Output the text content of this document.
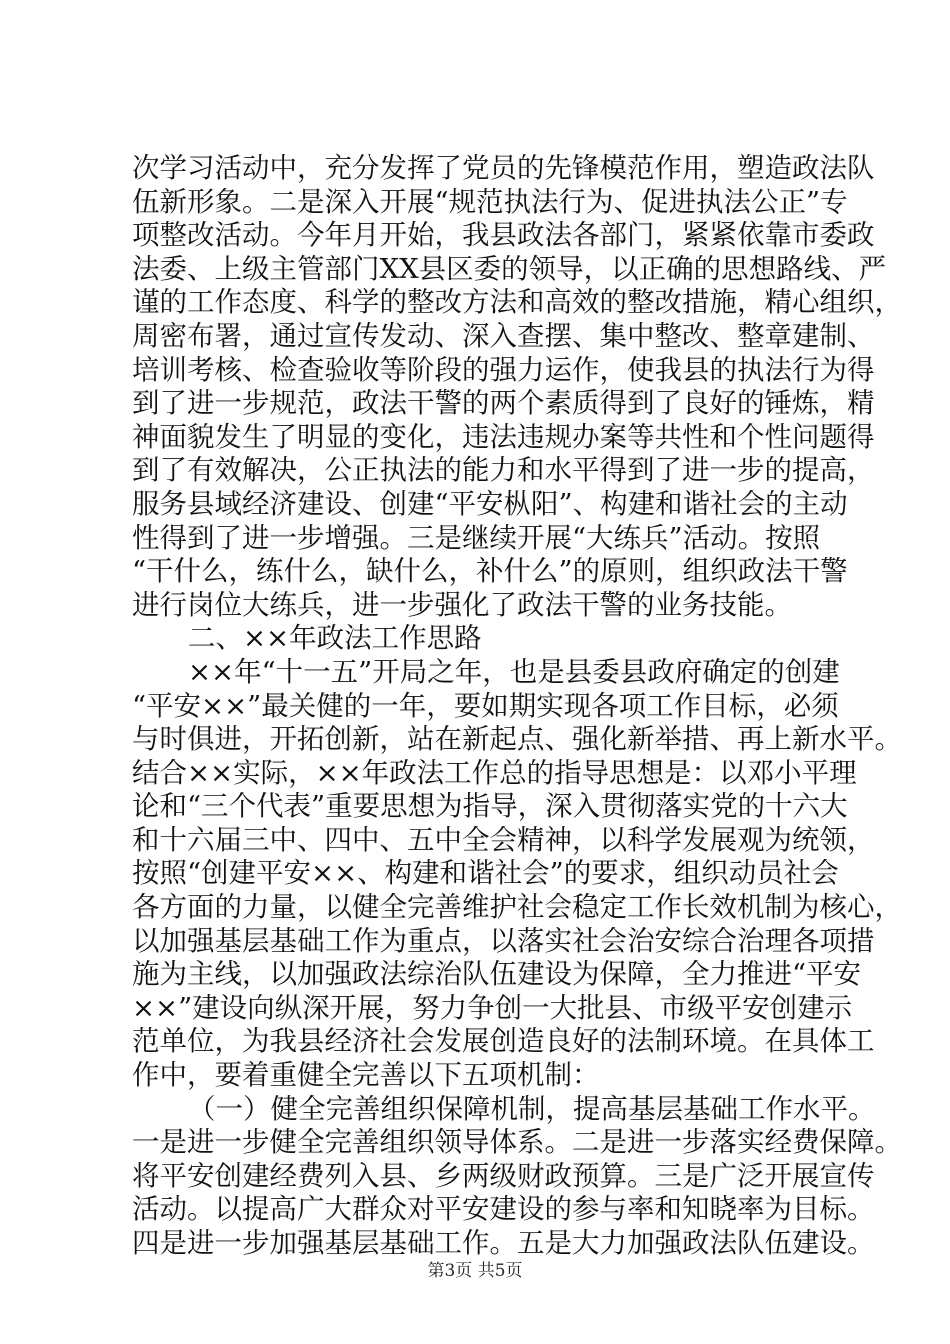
次学习活动中，充分发挥了党员的先锋模范作用，塑造政法队
伍新形象。二是深入开展“规范执法行为、促进执法公正”专
项整改活动。今年月开始，我县政法各部门，紧紧依靠市委政
法委、上级主管部门XX县区委的领导，以正确的思想路线、严
谨的工作态度、科学的整改方法和高效的整改措施，精心组织，
周密布署，通过宣传发动、深入查摆、集中整改、整章建制、
培训考核、检查验收等阶段的强力运作，使我县的执法行为得
到了进一步规范，政法干警的两个素质得到了良好的锤炼，精
神面貌发生了明显的变化，违法违规办案等共性和个性问题得
到了有效解决，公正执法的能力和水平得到了进一步的提高，
服务县域经济建设、创建“平安枞阳”、构建和谐社会的主动
性得到了进一步增强。三是继续开展“大练兵”活动。按照
“干什么，练什么，缺什么，补什么”的原则，组织政法干警
进行岗位大练兵，进一步强化了政法干警的业务技能。
二、××年政法工作思路
××年“十一五”开局之年，也是县委县政府确定的创建
“平安××”最关健的一年，要如期实现各项工作目标，必须
与时俱进，开拓创新，站在新起点、强化新举措、再上新水平。
结合××实际，××年政法工作总的指导思想是：以邓小平理
论和“三个代表”重要思想为指导，深入贯彻落实党的十六大
和十六届三中、四中、五中全会精神，以科学发展观为统领，
按照“创建平安××、构建和谐社会”的要求，组织动员社会
各方面的力量，以健全完善维护社会稳定工作长效机制为核心，
以加强基层基础工作为重点，以落实社会治安综合治理各项措
施为主线，以加强政法综治队伍建设为保障，全力推进“平安
××”建设向纵深开展，努力争创一大批县、市级平安创建示
范单位，为我县经济社会发展创造良好的法制环境。在具体工
作中，要着重健全完善以下五项机制：
（一）健全完善组织保障机制，提高基层基础工作水平。
一是进一步健全完善组织领导体系。二是进一步落实经费保障。
将平安创建经费列入县、乡两级财政预算。三是广泛开展宣传
活动。以提高广大群众对平安建设的参与率和知晓率为目标。
四是进一步加强基层基础工作。五是大力加强政法队伍建设。
第3页 共5页
